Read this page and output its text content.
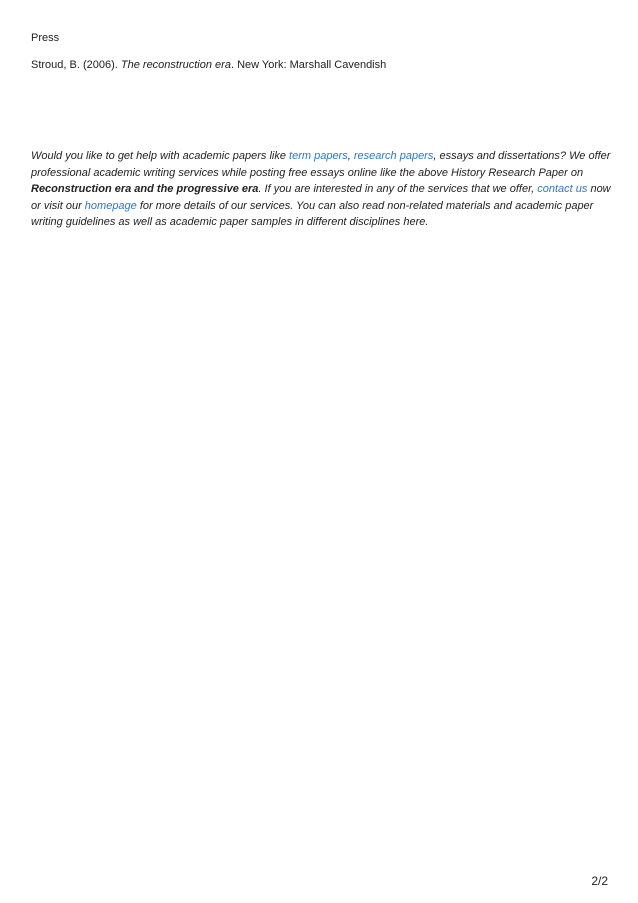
Press
Stroud, B. (2006). The reconstruction era. New York: Marshall Cavendish

Would you like to get help with academic papers like term papers, research papers, essays and dissertations? We offer professional academic writing services while posting free essays online like the above History Research Paper on Reconstruction era and the progressive era. If you are interested in any of the services that we offer, contact us now or visit our homepage for more details of our services. You can also read non-related materials and academic paper writing guidelines as well as academic paper samples in different disciplines here.

2/2
